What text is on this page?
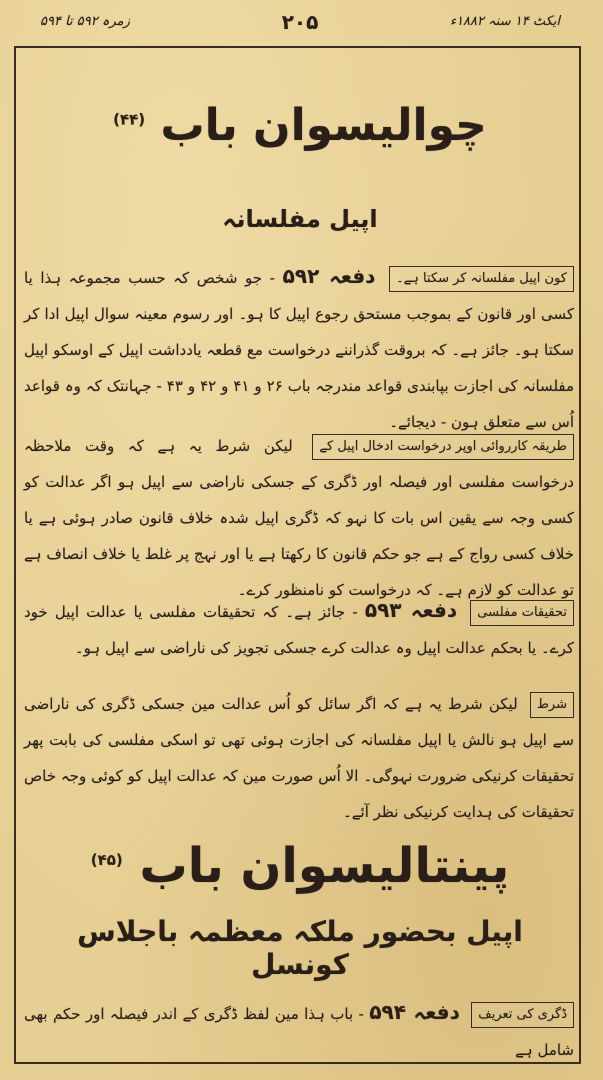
زمرہ ۵۹۲ تا ۵۹۴	۲۰۵	ایکٹ ۱۴ سنہ ۱۸۸۲ء
چوالیسوان باب $^{(۴۴)}$
اپیل مفلسانہ
کون اپیل مفلسانہ کر سکتا ہے۔ دفعہ ۵۹۲ - جو شخص کہ حسب مجموعہ ہذا یا کسی اور قانون کے بموجب مستحق رجوع اپیل کا ہو۔ اور رسوم معینہ سوال اپیل ادا کر سکتا ہو۔ جائز ہے۔ کہ بروقت گذراننے درخواست مع قطعہ یادداشت اپیل کے اوسکو اپیل مفلسانہ کی اجازت بپابندی قواعد مندرجہ باب ۲۶ و ۴۱ و ۴۲ و ۴۳ - جہانتک کہ وہ قواعد اُس سے متعلق ہون - دیجائے۔
طریقہ کارروائی اوپر درخواست ادخال اپیل کے لیکن شرط یہ ہے کہ وقت ملاحظہ درخواست مفلسی اور فیصلہ اور ڈگری کے جسکی ناراضی سے اپیل ہو اگر عدالت کو کسی وجہ سے یقین اس بات کا نہو کہ ڈگری اپیل شدہ خلاف قانون صادر ہوئی ہے یا خلاف کسی رواج کے ہے جو حکم قانون کا رکھتا ہے یا اور نہج پر غلط یا خلاف انصاف ہے تو عدالت کو لازم ہے۔ کہ درخواست کو نامنظور کرے۔
تحقیقات مفلسی دفعہ ۵۹۳ - جائز ہے۔ کہ تحقیقات مفلسی یا عدالت اپیل خود کرے۔ یا بحکم عدالت اپیل وہ عدالت کرے جسکی تجویز کی ناراضی سے اپیل ہو۔
شرط لیکن شرط یہ ہے کہ اگر سائل کو اُس عدالت مین جسکی ڈگری کی ناراضی سے اپیل ہو نالش یا اپیل مفلسانہ کی اجازت ہوئی تھی تو اسکی مفلسی کی بابت پھر تحقیقات کرنیکی ضرورت نہوگی۔ الا اُس صورت مین کہ عدالت اپیل کو کوئی وجہ خاص تحقیقات کی ہدایت کرنیکی نظر آئے۔
پینتالیسوان باب $^{(۴۵)}$
اپیل بحضور ملکہ معظمہ باجلاس کونسل
ڈگری کی تعریف دفعہ ۵۹۴ - باب ہذا مین لفظ ڈگری کے اندر فیصلہ اور حکم بھی شامل ہے
